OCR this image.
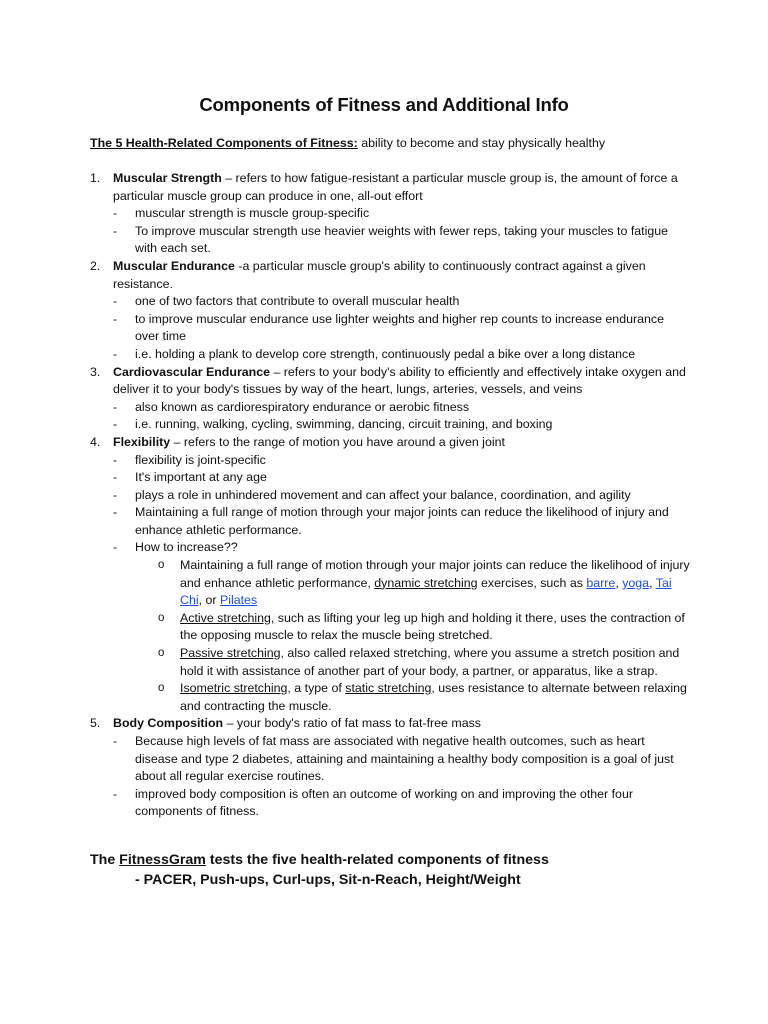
Components of Fitness and Additional Info
The 5 Health-Related Components of Fitness: ability to become and stay physically healthy
1. Muscular Strength – refers to how fatigue-resistant a particular muscle group is, the amount of force a particular muscle group can produce in one, all-out effort
- muscular strength is muscle group-specific
- To improve muscular strength use heavier weights with fewer reps, taking your muscles to fatigue with each set.
2. Muscular Endurance -a particular muscle group's ability to continuously contract against a given resistance.
- one of two factors that contribute to overall muscular health
- to improve muscular endurance use lighter weights and higher rep counts to increase endurance over time
- i.e. holding a plank to develop core strength, continuously pedal a bike over a long distance
3. Cardiovascular Endurance – refers to your body's ability to efficiently and effectively intake oxygen and deliver it to your body's tissues by way of the heart, lungs, arteries, vessels, and veins
- also known as cardiorespiratory endurance or aerobic fitness
- i.e. running, walking, cycling, swimming, dancing, circuit training, and boxing
4. Flexibility – refers to the range of motion you have around a given joint
- flexibility is joint-specific
- It's important at any age
- plays a role in unhindered movement and can affect your balance, coordination, and agility
- Maintaining a full range of motion through your major joints can reduce the likelihood of injury and enhance athletic performance.
- How to increase??
o Maintaining a full range of motion through your major joints can reduce the likelihood of injury and enhance athletic performance, dynamic stretching exercises, such as barre, yoga, Tai Chi, or Pilates
o Active stretching, such as lifting your leg up high and holding it there, uses the contraction of the opposing muscle to relax the muscle being stretched.
o Passive stretching, also called relaxed stretching, where you assume a stretch position and hold it with assistance of another part of your body, a partner, or apparatus, like a strap.
o Isometric stretching, a type of static stretching, uses resistance to alternate between relaxing and contracting the muscle.
5. Body Composition – your body's ratio of fat mass to fat-free mass
- Because high levels of fat mass are associated with negative health outcomes, such as heart disease and type 2 diabetes, attaining and maintaining a healthy body composition is a goal of just about all regular exercise routines.
- improved body composition is often an outcome of working on and improving the other four components of fitness.
The FitnessGram tests the five health-related components of fitness
- PACER, Push-ups, Curl-ups, Sit-n-Reach, Height/Weight
